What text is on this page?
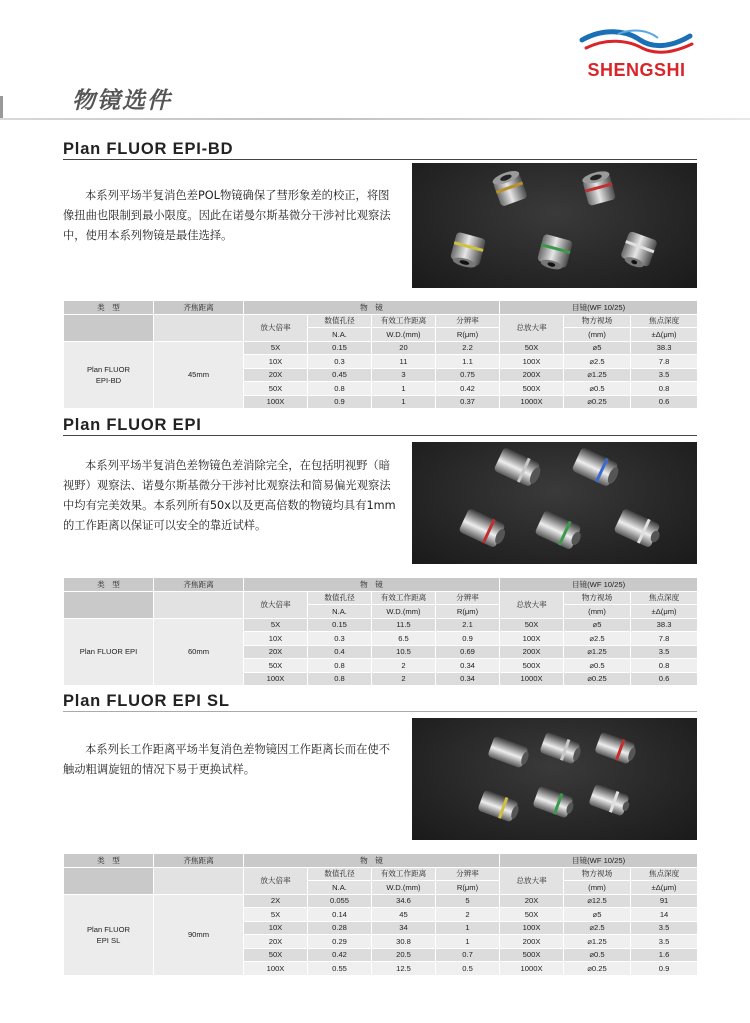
SHENGSHI
物镜选件
Plan FLUOR EPI-BD
本系列平场半复消色差POL物镜确保了彗形象差的校正，将图像扭曲也限制到最小限度。因此在诺曼尔斯基微分干涉衬比观察法中，使用本系列物镜是最佳选择。
类　型	齐焦距离	物　镜				目镜(WF 10/25)		
		放大倍率	数值孔径	有效工作距离	分辨率	总放大率	物方视场	焦点深度
			N.A.	W.D.(mm)	R(μm)		(mm)	±Δ(μm)
Plan FLUOR
EPI-BD	45mm	5X	0.15	20	2.2	50X	⌀5	38.3
		10X	0.3	11	1.1	100X	⌀2.5	7.8
		20X	0.45	3	0.75	200X	⌀1.25	3.5
		50X	0.8	1	0.42	500X	⌀0.5	0.8
		100X	0.9	1	0.37	1000X	⌀0.25	0.6
Plan FLUOR EPI
本系列平场半复消色差物镜色差消除完全，在包括明视野（暗视野）观察法、诺曼尔斯基微分干涉衬比观察法和简易偏光观察法中均有完美效果。本系列所有50x以及更高倍数的物镜均具有1mm的工作距离以保证可以安全的靠近试样。
类　型	齐焦距离	物　镜				目镜(WF 10/25)		
		放大倍率	数值孔径	有效工作距离	分辨率	总放大率	物方视场	焦点深度
			N.A.	W.D.(mm)	R(μm)		(mm)	±Δ(μm)
Plan FLUOR EPI	60mm	5X	0.15	11.5	2.1	50X	⌀5	38.3
		10X	0.3	6.5	0.9	100X	⌀2.5	7.8
		20X	0.4	10.5	0.69	200X	⌀1.25	3.5
		50X	0.8	2	0.34	500X	⌀0.5	0.8
		100X	0.8	2	0.34	1000X	⌀0.25	0.6
Plan FLUOR EPI SL
本系列长工作距离平场半复消色差物镜因工作距离长而在使不触动粗调旋钮的情况下易于更换试样。
类　型	齐焦距离	物　镜				目镜(WF 10/25)		
		放大倍率	数值孔径	有效工作距离	分辨率	总放大率	物方视场	焦点深度
			N.A.	W.D.(mm)	R(μm)		(mm)	±Δ(μm)
Plan FLUOR
EPI SL	90mm	2X	0.055	34.6	5	20X	⌀12.5	91
		5X	0.14	45	2	50X	⌀5	14
		10X	0.28	34	1	100X	⌀2.5	3.5
		20X	0.29	30.8	1	200X	⌀1.25	3.5
		50X	0.42	20.5	0.7	500X	⌀0.5	1.6
		100X	0.55	12.5	0.5	1000X	⌀0.25	0.9
